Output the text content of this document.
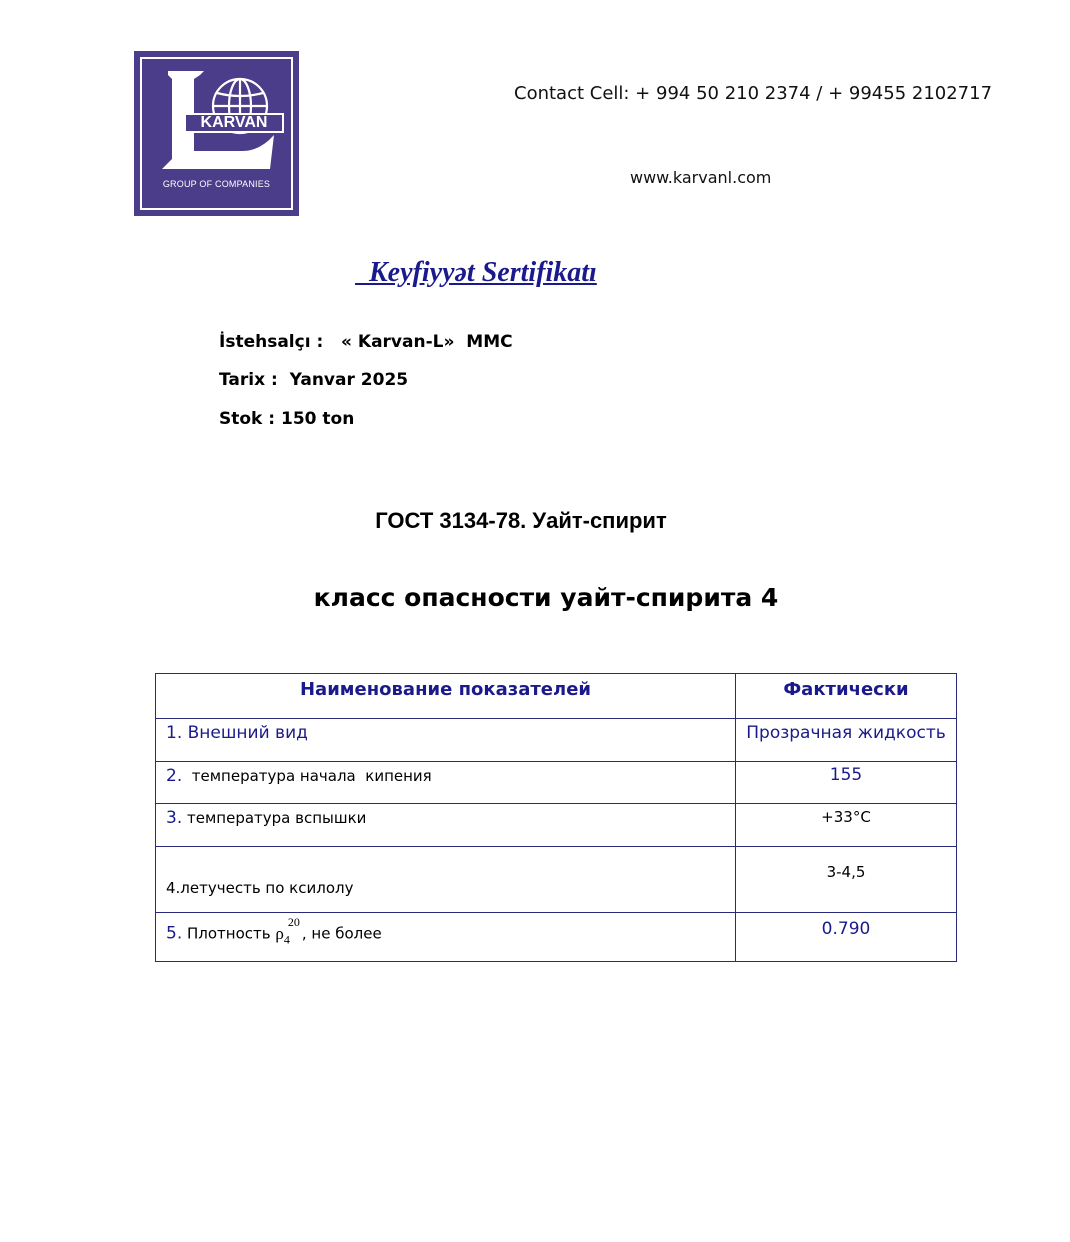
KARVAN
GROUP OF COMPANIES
Contact Cell: + 994 50 210 2374 / + 99455 2102717
www.karvanl.com
Keyfiyyət Sertifikatı
İstehsalçı :   « Karvan-L»  MMC
Tarix :  Yanvar 2025
Stok : 150 ton
ГОСТ 3134-78. Уайт-спирит
класс опасности уайт-спирита 4
Наименование показателей	Фактически
1. Внешний вид	Прозрачная жидкость
2.  температура начала  кипения	155
3. температура вспышки	+33°С
4.летучесть по ксилолу	3-4,5
5. Плотность $\rho_4^{20}$, не более	0.790
